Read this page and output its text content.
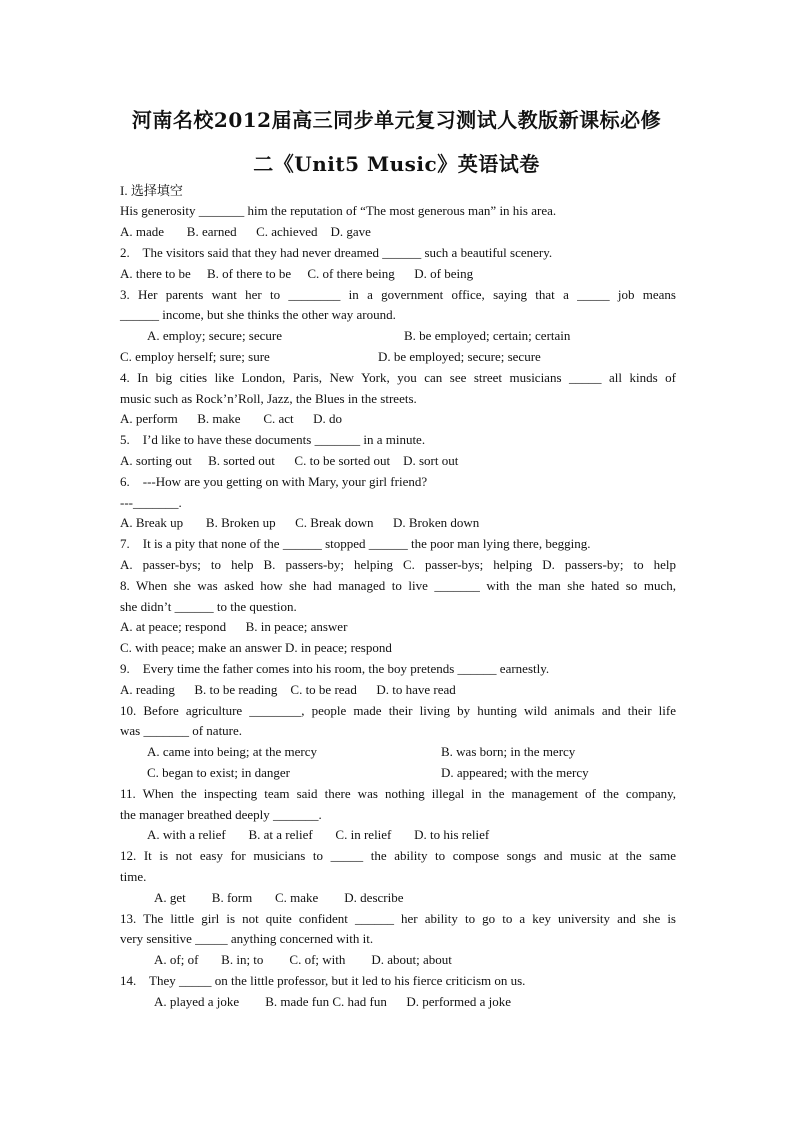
河南名校2012届高三同步单元复习测试人教版新课标必修
二《Unit5 Music》英语试卷
I. 选择填空
His generosity _______ him the reputation of “The most generous man” in his area.
A. made       B. earned      C. achieved    D. gave
2.    The visitors said that they had never dreamed ______ such a beautiful scenery.
A. there to be     B. of there to be     C. of there being      D. of being
3. Her parents want her to ________ in a government office, saying that a _____ job means
______ income, but she thinks the other way around.
A. employ; secure; secure	B. be employed; certain; certain
C. employ herself; sure; sure	D. be employed; secure; secure
4. In big cities like London, Paris, New York, you can see street musicians _____ all kinds of
music such as Rock’n’Roll, Jazz, the Blues in the streets.
A. perform      B. make       C. act      D. do
5.    I’d like to have these documents _______ in a minute.
A. sorting out     B. sorted out      C. to be sorted out    D. sort out
6.    ---How are you getting on with Mary, your girl friend?
---_______.
A. Break up       B. Broken up      C. Break down      D. Broken down
7.    It is a pity that none of the ______ stopped ______ the poor man lying there, begging.
A. passer-bys; to help B. passers-by; helping C. passer-bys; helping D. passers-by; to help
8. When she was asked how she had managed to live _______ with the man she hated so much,
she didn’t ______ to the question.
A. at peace; respond      B. in peace; answer
C. with peace; make an answer D. in peace; respond
9.    Every time the father comes into his room, the boy pretends ______ earnestly.
A. reading      B. to be reading    C. to be read      D. to have read
10. Before agriculture ________, people made their living by hunting wild animals and their life
was _______ of nature.
A. came into being; at the mercy	B. was born; in the mercy
C. began to exist; in danger	D. appeared; with the mercy
11. When the inspecting team said there was nothing illegal in the management of the company,
the manager breathed deeply _______.
A. with a relief       B. at a relief       C. in relief       D. to his relief
12. It is not easy for musicians to _____ the ability to compose songs and music at the same
time.
A. get        B. form       C. make        D. describe
13. The little girl is not quite confident ______ her ability to go to a key university and she is
very sensitive _____ anything concerned with it.
A. of; of       B. in; to        C. of; with        D. about; about
14.    They _____ on the little professor, but it led to his fierce criticism on us.
A. played a joke        B. made fun C. had fun      D. performed a joke
